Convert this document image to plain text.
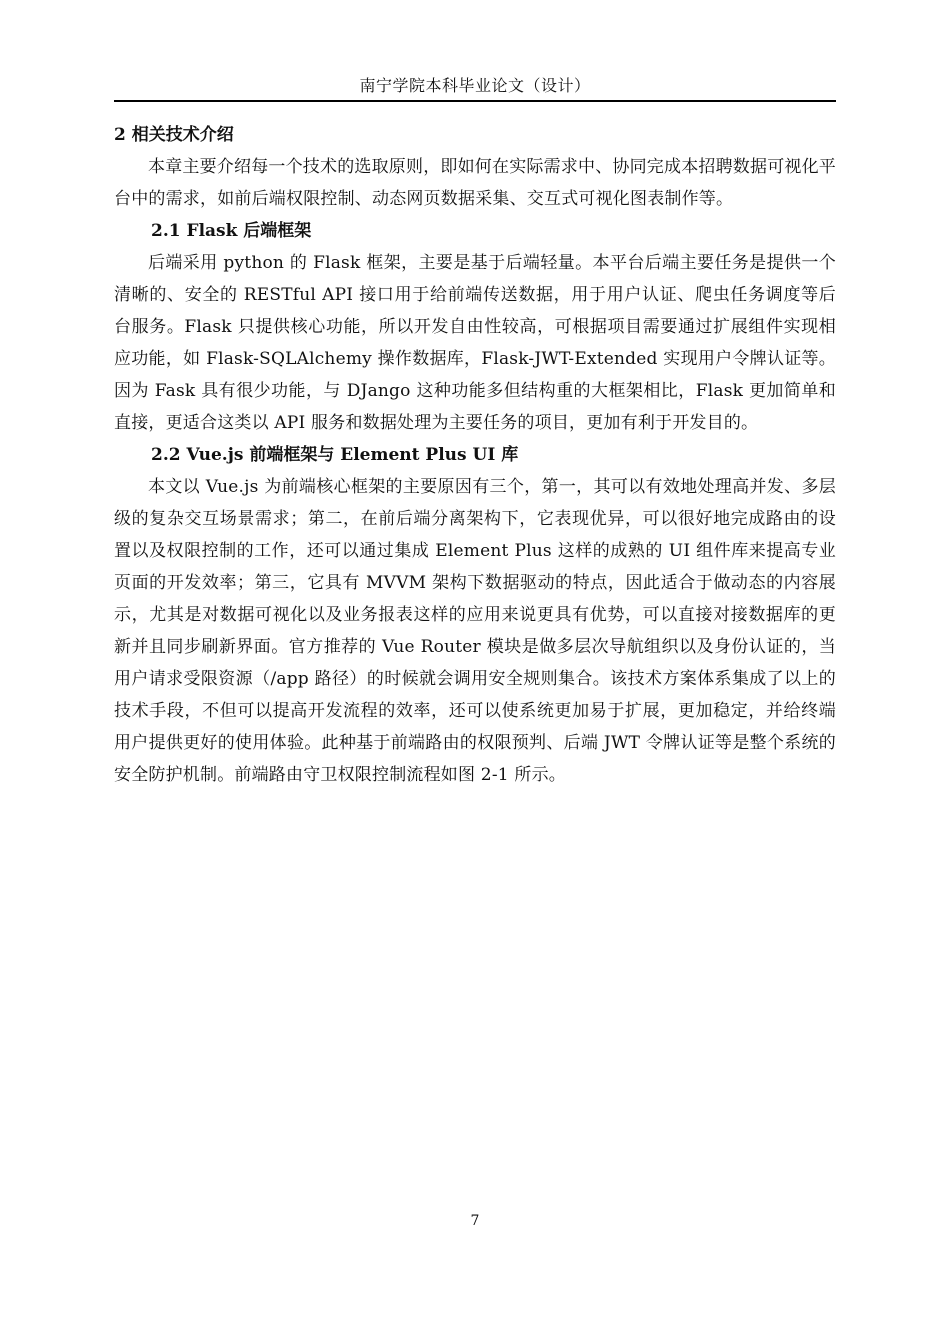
南宁学院本科毕业论文（设计）

2 相关技术介绍

本章主要介绍每一个技术的选取原则，即如何在实际需求中、协同完成本招聘数据可视化平台中的需求，如前后端权限控制、动态网页数据采集、交互式可视化图表制作等。

2.1 Flask 后端框架

后端采用 python 的 Flask 框架，主要是基于后端轻量。本平台后端主要任务是提供一个清晰的、安全的 RESTful API 接口用于给前端传送数据，用于用户认证、爬虫任务调度等后台服务。Flask 只提供核心功能，所以开发自由性较高，可根据项目需要通过扩展组件实现相应功能，如 Flask-SQLAlchemy 操作数据库，Flask-JWT-Extended 实现用户令牌认证等。因为 Fask 具有很少功能，与 DJango 这种功能多但结构重的大框架相比，Flask 更加简单和直接，更适合这类以 API 服务和数据处理为主要任务的项目，更加有利于开发目的。

2.2 Vue.js 前端框架与 Element Plus UI 库

本文以 Vue.js 为前端核心框架的主要原因有三个，第一，其可以有效地处理高并发、多层级的复杂交互场景需求；第二，在前后端分离架构下，它表现优异，可以很好地完成路由的设置以及权限控制的工作，还可以通过集成 Element Plus 这样的成熟的 UI 组件库来提高专业页面的开发效率；第三，它具有 MVVM 架构下数据驱动的特点，因此适合于做动态的内容展示，尤其是对数据可视化以及业务报表这样的应用来说更具有优势，可以直接对接数据库的更新并且同步刷新界面。官方推荐的 Vue Router 模块是做多层次导航组织以及身份认证的，当用户请求受限资源（/app 路径）的时候就会调用安全规则集合。该技术方案体系集成了以上的技术手段，不但可以提高开发流程的效率，还可以使系统更加易于扩展，更加稳定，并给终端用户提供更好的使用体验。此种基于前端路由的权限预判、后端 JWT 令牌认证等是整个系统的安全防护机制。前端路由守卫权限控制流程如图 2-1 所示。

7
